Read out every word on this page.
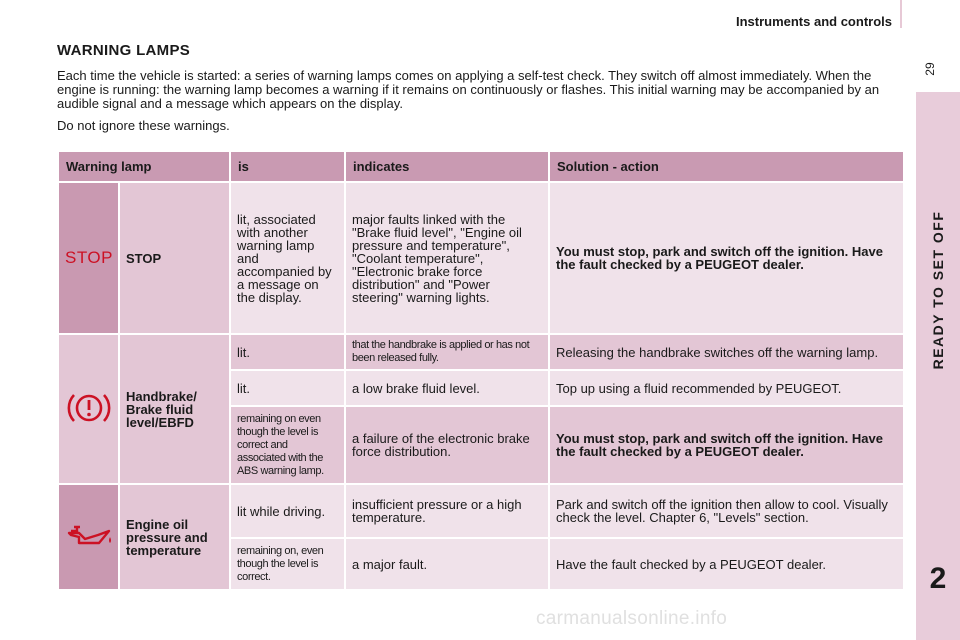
Instruments and controls
29
READY TO SET OFF
2
WARNING LAMPS

Each time the vehicle is started: a series of warning lamps comes on applying a self-test check. They switch off almost immediately. When the engine is running: the warning lamp becomes a warning if it remains on continuously or flashes. This initial warning may be accompanied by an audible signal and a message which appears on the display.

Do not ignore these warnings.

Warning lamp		is	indicates	Solution - action
STOP	STOP	lit, associated with another warning lamp and accompanied by a message on the display.	major faults linked with the "Brake fluid level", "Engine oil pressure and temperature", "Coolant temperature", "Electronic brake force distribution" and "Power steering" warning lights.	You must stop, park and switch off the ignition. Have the fault checked by a PEUGEOT dealer.
	Handbrake/ Brake fluid level/EBFD	lit.	that the handbrake is applied or has not been released fully.	Releasing the handbrake switches off the warning lamp.
		lit.	a low brake fluid level.	Top up using a fluid recommended by PEUGEOT.
		remaining on even though the level is correct and associated with the ABS warning lamp.	a failure of the electronic brake force distribution.	You must stop, park and switch off the ignition. Have the fault checked by a PEUGEOT dealer.
	Engine oil pressure and temperature	lit while driving.	insufficient pressure or a high temperature.	Park and switch off the ignition then allow to cool. Visually check the level. Chapter 6, "Levels" section.
		remaining on, even though the level is correct.	a major fault.	Have the fault checked by a PEUGEOT dealer.
carmanualsonline.info
